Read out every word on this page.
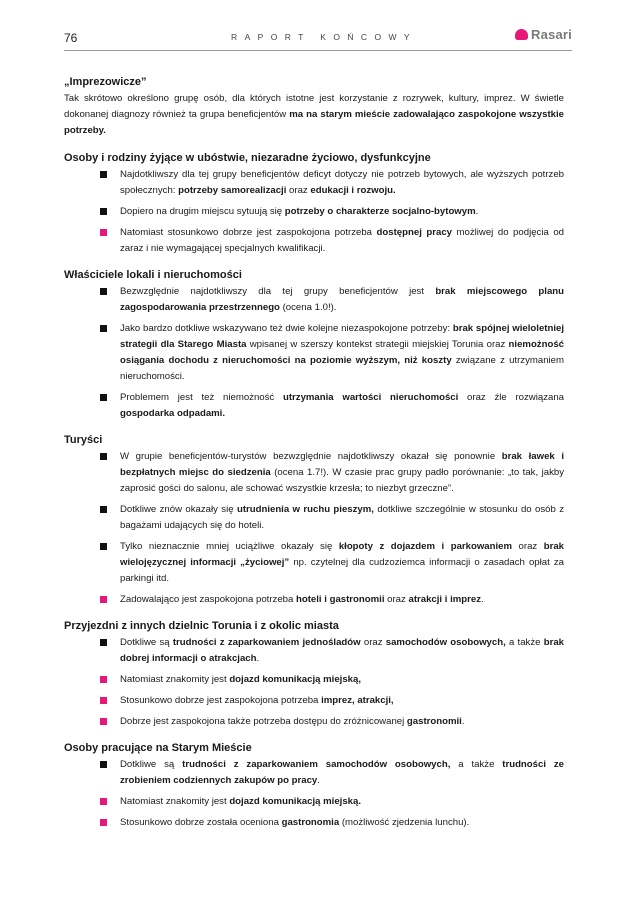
76	RAPORT KOŃCOWY	Rasari
„Imprezowicze”

Tak skrótowo określono grupę osób, dla których istotne jest korzystanie z rozrywek, kultury, imprez. W świetle dokonanej diagnozy również ta grupa beneficjentów ma na starym mieście zadowalająco zaspokojone wszystkie potrzeby.

Osoby i rodziny żyjące w ubóstwie, niezaradne życiowo, dysfunkcyjne
Najdotkliwszy dla tej grupy beneficjentów deficyt dotyczy nie potrzeb bytowych, ale wyższych potrzeb społecznych: potrzeby samorealizacji oraz edukacji i rozwoju.
Dopiero na drugim miejscu sytuują się potrzeby o charakterze socjalno-bytowym.
Natomiast stosunkowo dobrze jest zaspokojona potrzeba dostępnej pracy możliwej do podjęcia od zaraz i nie wymagającej specjalnych kwalifikacji.
Właściciele lokali i nieruchomości
Bezwzględnie najdotkliwszy dla tej grupy beneficjentów jest brak miejscowego planu zagospodarowania przestrzennego (ocena 1.0!).
Jako bardzo dotkliwe wskazywano też dwie kolejne niezaspokojone potrzeby: brak spójnej wieloletniej strategii dla Starego Miasta wpisanej w szerszy kontekst strategii miejskiej Torunia oraz niemożność osiągania dochodu z nieruchomości na poziomie wyższym, niż koszty związane z utrzymaniem nieruchomości.
Problemem jest też niemożność utrzymania wartości nieruchomości oraz źle rozwiązana gospodarka odpadami.
Turyści
W grupie beneficjentów-turystów bezwzględnie najdotkliwszy okazał się ponownie brak ławek i bezpłatnych miejsc do siedzenia (ocena 1.7!). W czasie prac grupy padło porównanie: „to tak, jakby zaprosić gości do salonu, ale schować wszystkie krzesła; to niezbyt grzeczne”.
Dotkliwe znów okazały się utrudnienia w ruchu pieszym, dotkliwe szczególnie w stosunku do osób z bagażami udających się do hoteli.
Tylko nieznacznie mniej uciążliwe okazały się kłopoty z dojazdem i parkowaniem oraz brak wielojęzycznej informacji „życiowej” np. czytelnej dla cudzoziemca informacji o zasadach opłat za parkingi itd.
Zadowalająco jest zaspokojona potrzeba hoteli i gastronomii oraz atrakcji i imprez.
Przyjezdni z innych dzielnic Torunia i z okolic miasta
Dotkliwe są trudności z zaparkowaniem jednośladów oraz samochodów osobowych, a także brak dobrej informacji o atrakcjach.
Natomiast znakomity jest dojazd komunikacją miejską,
Stosunkowo dobrze jest zaspokojona potrzeba imprez, atrakcji,
Dobrze jest zaspokojona także potrzeba dostępu do zróżnicowanej gastronomii.
Osoby pracujące na Starym Mieście
Dotkliwe są trudności z zaparkowaniem samochodów osobowych, a także trudności ze zrobieniem codziennych zakupów po pracy.
Natomiast znakomity jest dojazd komunikacją miejską.
Stosunkowo dobrze została oceniona gastronomia (możliwość zjedzenia lunchu).
